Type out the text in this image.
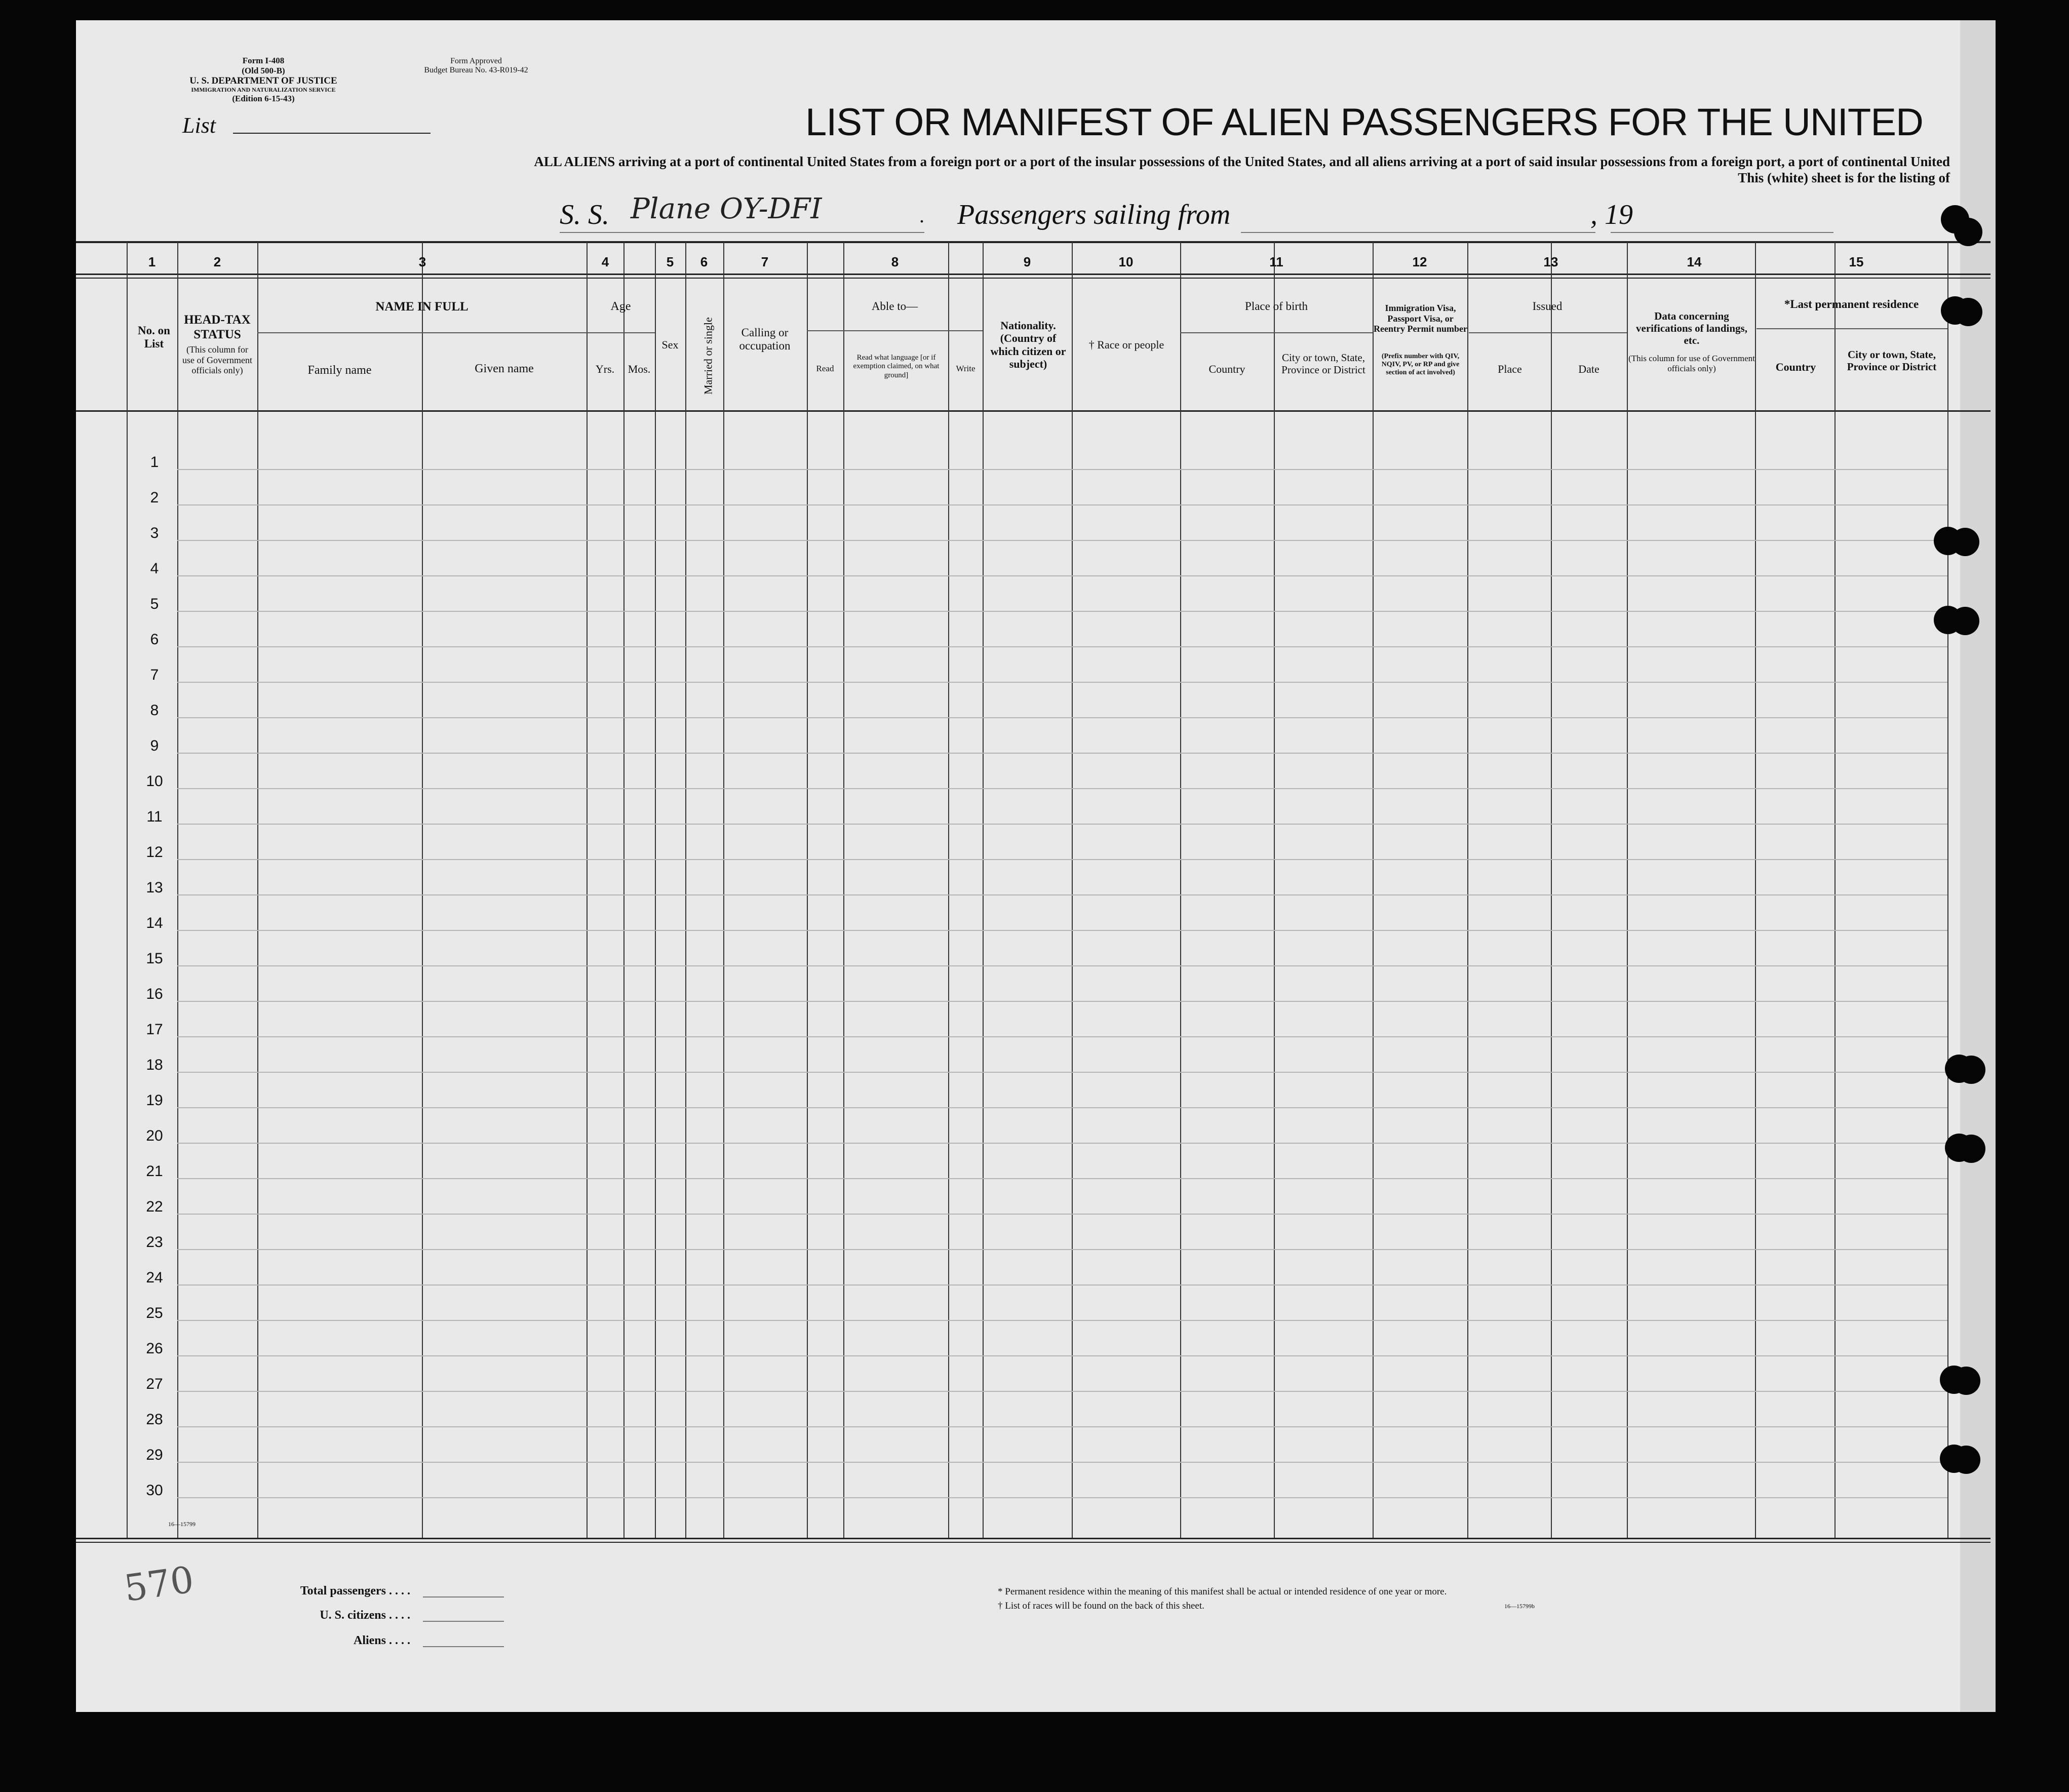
Form I-408
(Old 500-B)
U. S. DEPARTMENT OF JUSTICE
IMMIGRATION AND NATURALIZATION SERVICE
(Edition 6-15-43)
Form Approved
Budget Bureau No. 43-R019-42
List	LIST OR MANIFEST OF ALIEN PASSENGERS FOR THE UNITED
ALL ALIENS arriving at a port of continental United States from a foreign port or a port of the insular possessions of the United States, and all aliens arriving at a port of said insular possessions from a foreign port, a port of continental United
This (white) sheet is for the listing of
S. S. Plane OY-DFI	. Passengers sailing from	, 19
1	2	3	4	5	6	7	8	9	10	11	12	13	14	15
1
2
3
4
5
6
7
8
9
10
11
12
13
14
15
16
17
18
19
20
21
22
23
24
25
26
27
28
29
30
No. on List
HEAD-TAX STATUS
(This column for use of Government officials only)
NAME IN FULL
Family name	Given name
Age
Yrs.	Mos.
Sex	Married or single	Calling or occupation
Able to—
Read
Read what language [or if exemption claimed, on what ground]
Write
Nationality. (Country of which citizen or subject)
† Race or people
Place of birth
Country
City or town, State, Province or District
Immigration Visa, Passport Visa, or Reentry Permit number
(Prefix number with QIV, NQIV, PV, or RP and give section of act involved)
Issued
Place	Date
Data concerning verifications of landings, etc.
(This column for use of Government officials only)
*Last permanent residence
Country
City or town, State, Province or District
570	Total passengers . . . .
U. S. citizens . . . .
Aliens . . . .
* Permanent residence within the meaning of this manifest shall be actual or intended residence of one year or more.
† List of races will be found on the back of this sheet.	16—15799b
16—15799
